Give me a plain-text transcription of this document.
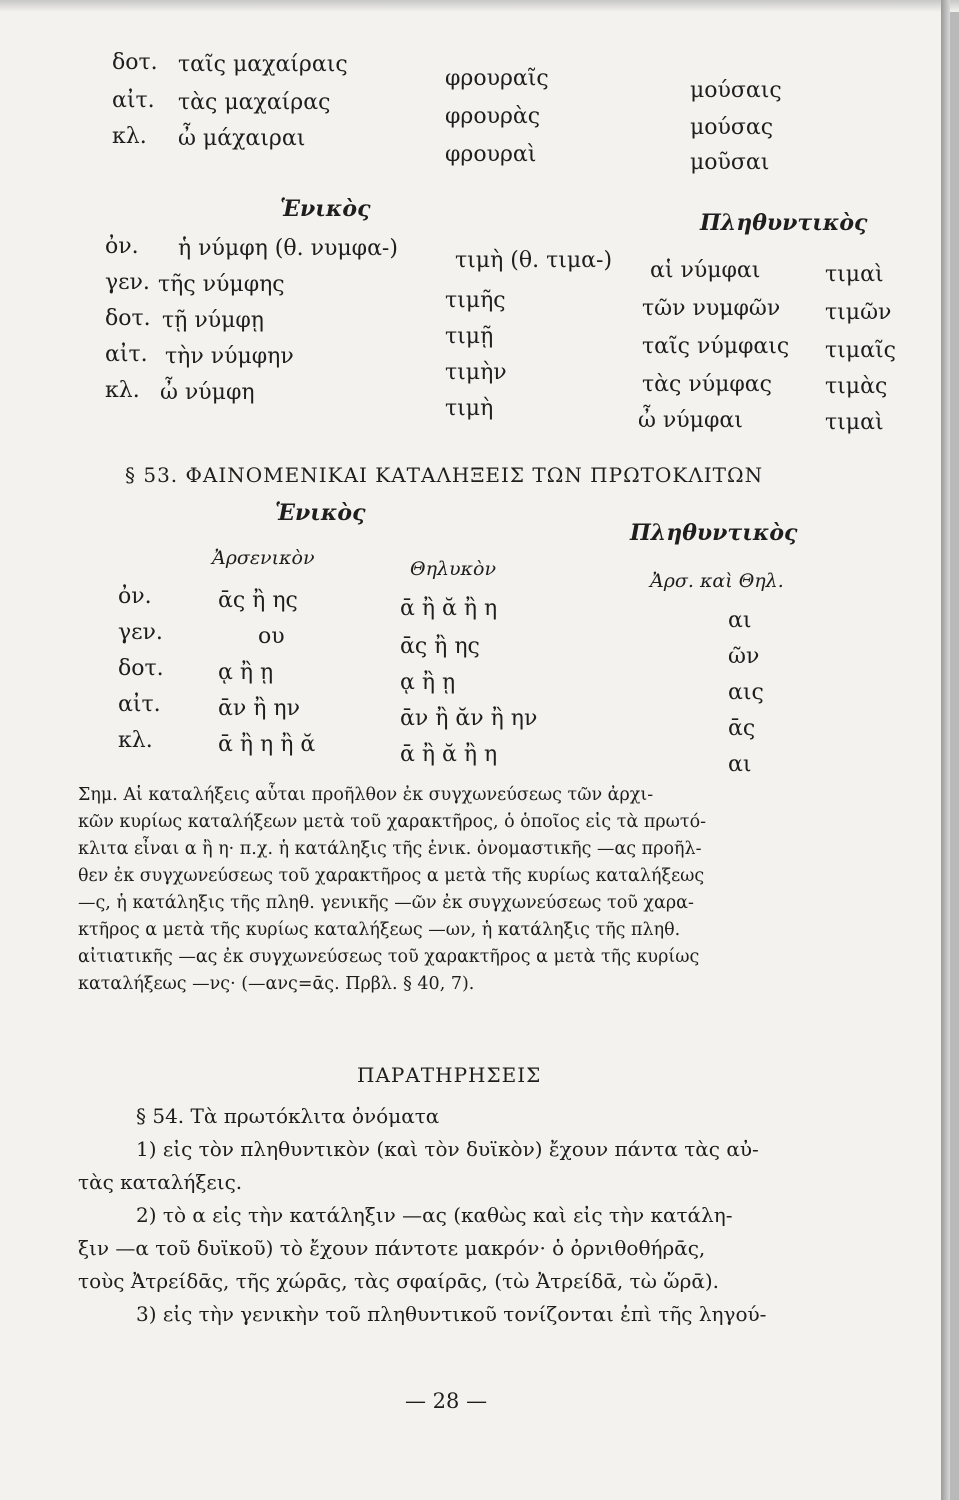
δοτ.
αἰτ.
κλ.
ταῖς μαχαίραις
τὰς μαχαίρας
ὦ μάχαιραι
φρουραῖς
φρουρὰς
φρουραὶ
μούσαις
μούσας
μοῦσαι
Ἑνικὸς
Πληθυντικὸς
ὀν.
γεν.
δοτ.
αἰτ.
κλ.
ἡ νύμφη (θ. νυμφα-)
τῆς νύμφης
τῇ νύμφῃ
τὴν νύμφην
ὦ νύμφη
τιμὴ (θ. τιμα-)
τιμῆς
τιμῇ
τιμὴν
τιμὴ
αἱ νύμφαι
τῶν νυμφῶν
ταῖς νύμφαις
τὰς νύμφας
ὦ νύμφαι
τιμαὶ
τιμῶν
τιμαῖς
τιμὰς
τιμαὶ
§ 53. ΦΑΙΝΟΜΕΝΙΚΑΙ ΚΑΤΑΛΗΞΕΙΣ ΤΩΝ ΠΡΩΤΟΚΛΙΤΩΝ
Ἑνικὸς
Πληθυντικὸς
Ἀρσενικὸν	Θηλυκὸν
Ἀρσ. καὶ Θηλ.
ὀν.
γεν.
δοτ.
αἰτ.
κλ.
ᾱς ἢ ης
ου
ᾳ ἢ ῃ
ᾱν ἢ ην
ᾱ ἢ η ἢ ᾰ
ᾱ ἢ ᾰ ἢ η
ᾱς ἢ ης
ᾳ ἢ ῃ
ᾱν ἢ ᾰν ἢ ην
ᾱ ἢ ᾰ ἢ η
αι
ῶν
αις
ᾱς
αι

Σημ. Αἱ καταλήξεις αὗται προῆλθον ἐκ συγχωνεύσεως τῶν ἀρχι-

κῶν κυρίως καταλήξεων μετὰ τοῦ χαρακτῆρος, ὁ ὁποῖος εἰς τὰ πρωτό-

κλιτα εἶναι α ἢ η· π.χ. ἡ κατάληξις τῆς ἑνικ. ὀνομαστικῆς —ας προῆλ-

θεν ἐκ συγχωνεύσεως τοῦ χαρακτῆρος α μετὰ τῆς κυρίως καταλήξεως

—ς, ἡ κατάληξις τῆς πληθ. γενικῆς —ῶν ἐκ συγχωνεύσεως τοῦ χαρα-

κτῆρος α μετὰ τῆς κυρίως καταλήξεως —ων, ἡ κατάληξις τῆς πληθ.

αἰτιατικῆς —ας ἐκ συγχωνεύσεως τοῦ χαρακτῆρος α μετὰ τῆς κυρίως

καταλήξεως —νς· (—ανς=ᾱς. Πρβλ. § 40, 7).

ΠΑΡΑΤΗΡΗΣΕΙΣ

§ 54. Τὰ πρωτόκλιτα ὀνόματα

1) εἰς τὸν πληθυντικὸν (καὶ τὸν δυϊκὸν) ἔχουν πάντα τὰς αὐ-

τὰς καταλήξεις.

2) τὸ α εἰς τὴν κατάληξιν —ας (καθὼς καὶ εἰς τὴν κατάλη-

ξιν —α τοῦ δυϊκοῦ) τὸ ἔχουν πάντοτε μακρόν· ὁ ὀρνιθοθήρᾱς,

τοὺς Ἀτρείδᾱς, τῆς χώρᾱς, τὰς σφαίρᾱς, (τὼ Ἀτρείδᾱ, τὼ ὥρᾱ).

3) εἰς τὴν γενικὴν τοῦ πληθυντικοῦ τονίζονται ἐπὶ τῆς ληγού-

— 28 —
